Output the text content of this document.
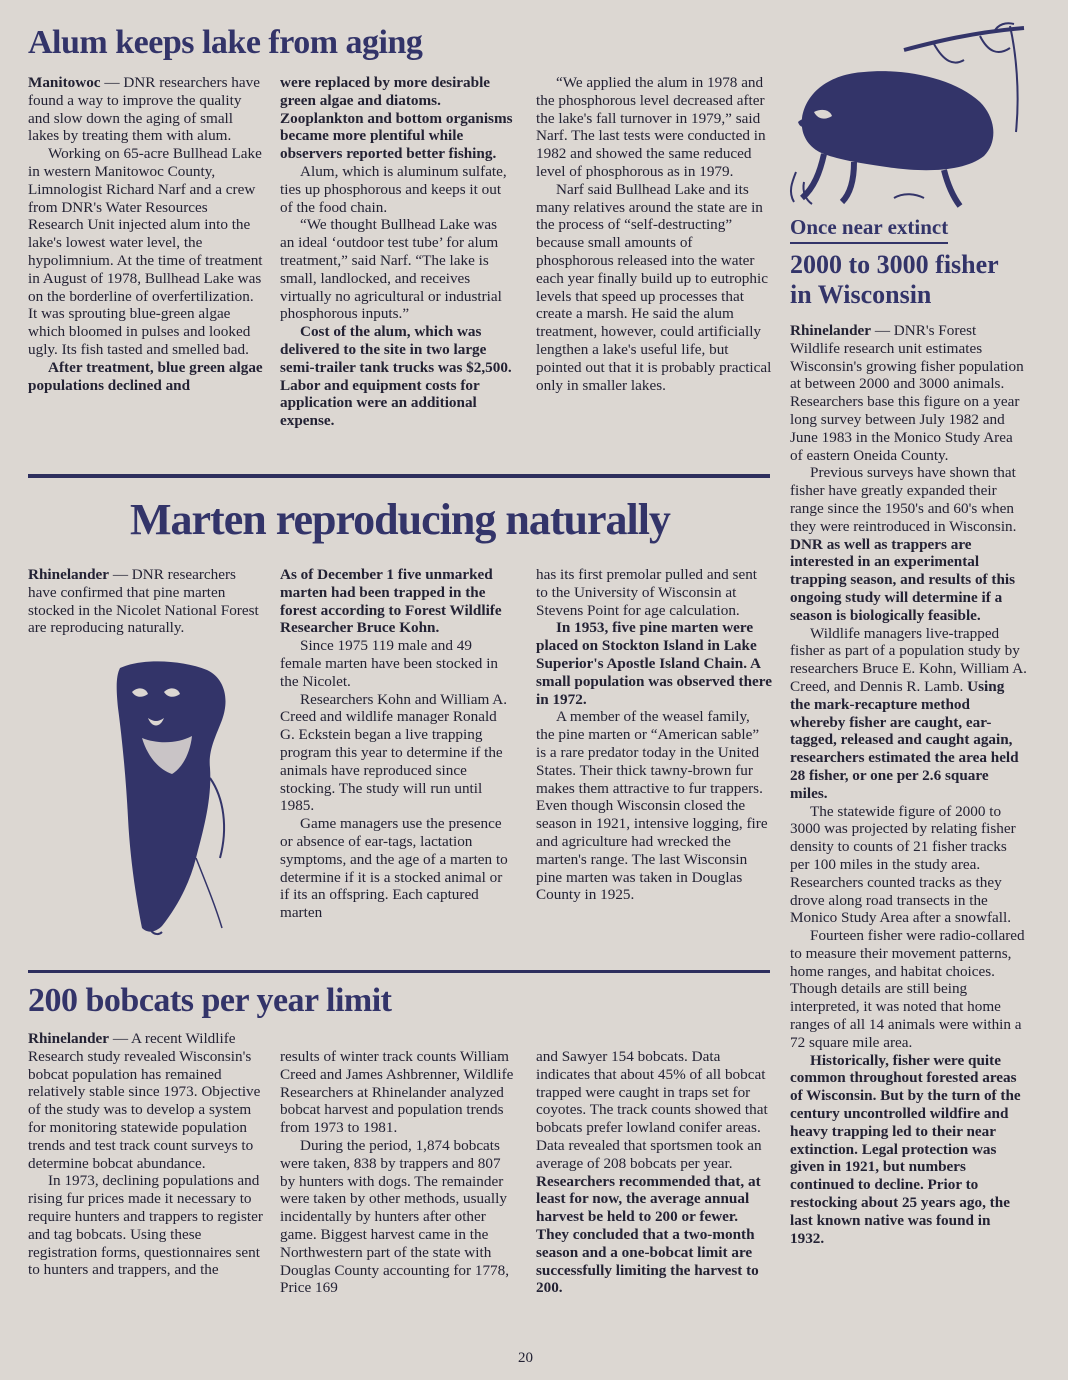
Alum keeps lake from aging

Manitowoc — DNR researchers have found a way to improve the quality and slow down the aging of small lakes by treating them with alum.

Working on 65-acre Bullhead Lake in western Manitowoc County, Limnologist Richard Narf and a crew from DNR's Water Resources Research Unit injected alum into the lake's lowest water level, the hypolimnium. At the time of treatment in August of 1978, Bullhead Lake was on the borderline of overfertilization. It was sprouting blue-green algae which bloomed in pulses and looked ugly. Its fish tasted and smelled bad.

After treatment, blue green algae populations declined and

were replaced by more desirable green algae and diatoms. Zooplankton and bottom organisms became more plentiful while observers reported better fishing.

Alum, which is aluminum sulfate, ties up phosphorous and keeps it out of the food chain.

“We thought Bullhead Lake was an ideal ‘outdoor test tube’ for alum treatment,” said Narf. “The lake is small, landlocked, and receives virtually no agricultural or industrial phosphorous inputs.”

Cost of the alum, which was delivered to the site in two large semi-trailer tank trucks was $2,500. Labor and equipment costs for application were an additional expense.

“We applied the alum in 1978 and the phosphorous level decreased after the lake's fall turnover in 1979,” said Narf. The last tests were conducted in 1982 and showed the same reduced level of phosphorous as in 1979.

Narf said Bullhead Lake and its many relatives around the state are in the process of “self-destructing” because small amounts of phosphorous released into the water each year finally build up to eutrophic levels that speed up processes that create a marsh. He said the alum treatment, however, could artificially lengthen a lake's useful life, but pointed out that it is probably practical only in smaller lakes.

Marten reproducing naturally

Rhinelander — DNR researchers have confirmed that pine marten stocked in the Nicolet National Forest are reproducing naturally.

As of December 1 five unmarked marten had been trapped in the forest according to Forest Wildlife Researcher Bruce Kohn.

Since 1975 119 male and 49 female marten have been stocked in the Nicolet.

Researchers Kohn and William A. Creed and wildlife manager Ronald G. Eckstein began a live trapping program this year to determine if the animals have reproduced since stocking. The study will run until 1985.

Game managers use the presence or absence of ear-tags, lactation symptoms, and the age of a marten to determine if it is a stocked animal or if its an offspring. Each captured marten

has its first premolar pulled and sent to the University of Wisconsin at Stevens Point for age calculation.

In 1953, five pine marten were placed on Stockton Island in Lake Superior's Apostle Island Chain. A small population was observed there in 1972.

A member of the weasel family, the pine marten or “American sable” is a rare predator today in the United States. Their thick tawny-brown fur makes them attractive to fur trappers. Even though Wisconsin closed the season in 1921, intensive logging, fire and agriculture had wrecked the marten's range. The last Wisconsin pine marten was taken in Douglas County in 1925.

200 bobcats per year limit

Rhinelander — A recent Wildlife Research study revealed Wisconsin's bobcat population has remained relatively stable since 1973. Objective of the study was to develop a system for monitoring statewide population trends and test track count surveys to determine bobcat abundance.

In 1973, declining populations and rising fur prices made it necessary to require hunters and trappers to register and tag bobcats. Using these registration forms, questionnaires sent to hunters and trappers, and the

results of winter track counts William Creed and James Ashbrenner, Wildlife Researchers at Rhinelander analyzed bobcat harvest and population trends from 1973 to 1981.

During the period, 1,874 bobcats were taken, 838 by trappers and 807 by hunters with dogs. The remainder were taken by other methods, usually incidentally by hunters after other game. Biggest harvest came in the Northwestern part of the state with Douglas County accounting for 1778, Price 169

and Sawyer 154 bobcats. Data indicates that about 45% of all bobcat trapped were caught in traps set for coyotes. The track counts showed that bobcats prefer lowland conifer areas. Data revealed that sportsmen took an average of 208 bobcats per year. Researchers recommended that, at least for now, the average annual harvest be held to 200 or fewer. They concluded that a two-month season and a one-bobcat limit are successfully limiting the harvest to 200.

Once near extinct
2000 to 3000 fisher in Wisconsin

Rhinelander — DNR's Forest Wildlife research unit estimates Wisconsin's growing fisher population at between 2000 and 3000 animals. Researchers base this figure on a year long survey between July 1982 and June 1983 in the Monico Study Area of eastern Oneida County.

Previous surveys have shown that fisher have greatly expanded their range since the 1950's and 60's when they were reintroduced in Wisconsin. DNR as well as trappers are interested in an experimental trapping season, and results of this ongoing study will determine if a season is biologically feasible.

Wildlife managers live-trapped fisher as part of a population study by researchers Bruce E. Kohn, William A. Creed, and Dennis R. Lamb. Using the mark-recapture method whereby fisher are caught, ear-tagged, released and caught again, researchers estimated the area held 28 fisher, or one per 2.6 square miles.

The statewide figure of 2000 to 3000 was projected by relating fisher density to counts of 21 fisher tracks per 100 miles in the study area. Researchers counted tracks as they drove along road transects in the Monico Study Area after a snowfall.

Fourteen fisher were radio-collared to measure their movement patterns, home ranges, and habitat choices. Though details are still being interpreted, it was noted that home ranges of all 14 animals were within a 72 square mile area.

Historically, fisher were quite common throughout forested areas of Wisconsin. But by the turn of the century uncontrolled wildfire and heavy trapping led to their near extinction. Legal protection was given in 1921, but numbers continued to decline. Prior to restocking about 25 years ago, the last known native was found in 1932.

20
